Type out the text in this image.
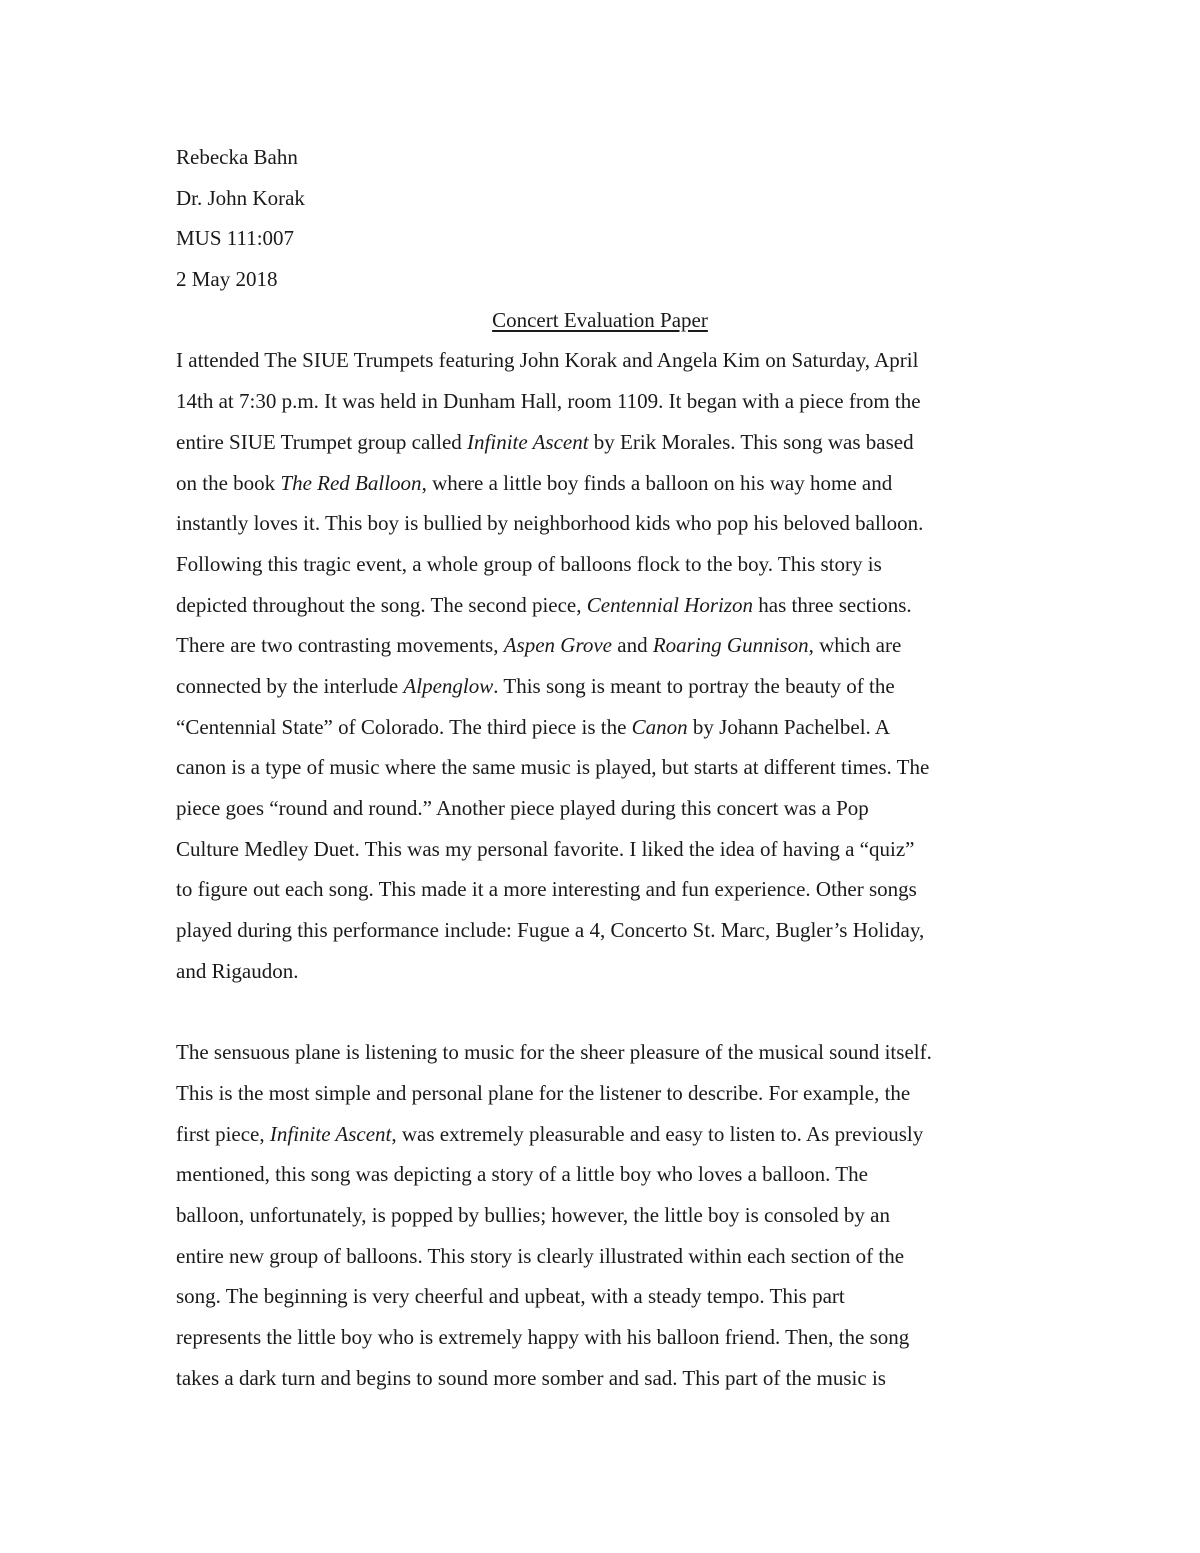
Rebecka Bahn
Dr. John Korak
MUS 111:007
2 May 2018
Concert Evaluation Paper
I attended The SIUE Trumpets featuring John Korak and Angela Kim on Saturday, April
14th at 7:30 p.m. It was held in Dunham Hall, room 1109. It began with a piece from the
entire SIUE Trumpet group called Infinite Ascent by Erik Morales. This song was based
on the book The Red Balloon, where a little boy finds a balloon on his way home and
instantly loves it. This boy is bullied by neighborhood kids who pop his beloved balloon.
Following this tragic event, a whole group of balloons flock to the boy. This story is
depicted throughout the song. The second piece, Centennial Horizon has three sections.
There are two contrasting movements, Aspen Grove and Roaring Gunnison, which are
connected by the interlude Alpenglow. This song is meant to portray the beauty of the
“Centennial State” of Colorado. The third piece is the Canon by Johann Pachelbel. A
canon is a type of music where the same music is played, but starts at different times. The
piece goes “round and round.” Another piece played during this concert was a Pop
Culture Medley Duet. This was my personal favorite. I liked the idea of having a “quiz”
to figure out each song. This made it a more interesting and fun experience. Other songs
played during this performance include: Fugue a 4, Concerto St. Marc, Bugler’s Holiday,
and Rigaudon.
The sensuous plane is listening to music for the sheer pleasure of the musical sound itself.
This is the most simple and personal plane for the listener to describe. For example, the
first piece, Infinite Ascent, was extremely pleasurable and easy to listen to. As previously
mentioned, this song was depicting a story of a little boy who loves a balloon. The
balloon, unfortunately, is popped by bullies; however, the little boy is consoled by an
entire new group of balloons. This story is clearly illustrated within each section of the
song. The beginning is very cheerful and upbeat, with a steady tempo. This part
represents the little boy who is extremely happy with his balloon friend. Then, the song
takes a dark turn and begins to sound more somber and sad. This part of the music is
